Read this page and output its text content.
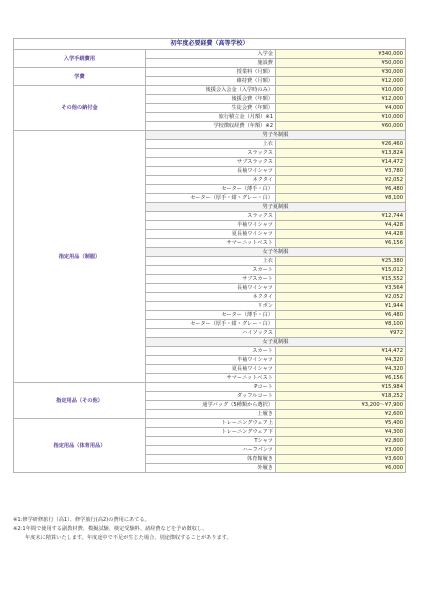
初年度必要経費（高等学校）		
入学手続費用	入学金	¥340,000
	施設費	¥50,000
学費	授業料（月額）	¥30,000
	維持費（月額）	¥12,000
その他の納付金	後援会入会金（入学時のみ）	¥10,000
	後援会費（年額）	¥12,000
	生徒会費（年額）	¥4,000
	旅行積立金（月額）※1	¥10,000
	学校徴収経費（年額）※2	¥60,000
指定用品（制服）	男子冬制服	
	上衣	¥26,460
	スラックス	¥13,824
	サブスラックス	¥14,472
	長袖ワイシャツ	¥3,780
	ネクタイ	¥2,052
	セーター（薄手・白）	¥6,480
	セーター（厚手・紺・グレー・白）	¥8,100
	男子夏制服	
	スラックス	¥12,744
	半袖ワイシャツ	¥4,428
	夏長袖ワイシャツ	¥4,428
	サマーニットベスト	¥6,156
	女子冬制服	
	上衣	¥25,380
	スカート	¥15,012
	サブスカート	¥15,552
	長袖ワイシャツ	¥3,564
	ネクタイ	¥2,052
	リボン	¥1,944
	セーター（薄手・白）	¥6,480
	セーター（厚手・紺・グレー・白）	¥8,100
	ハイソックス	¥972
	女子夏制服	
	スカート	¥14,472
	半袖ワイシャツ	¥4,320
	夏長袖ワイシャツ	¥4,320
	サマーニットベスト	¥6,156
指定用品（その他）	Pコート	¥15,984
	ダッフルコート	¥18,252
	通学バッグ（5種類から選択）	¥3,200～¥7,900
	上履き	¥2,600
指定用品（体育用品）	トレーニングウェア上	¥5,400
	トレーニングウェア下	¥4,300
	Tシャツ	¥2,800
	ハーフパンツ	¥3,000
	体育館履き	¥3,600
	外履き	¥6,000

※1:修学研修旅行（高1）、修学旅行(高2)の費用にあてる。

※2:1年間で使用する副教材費、模擬試験、検定受験料、諸経費などを予め徴収し、

年度末に精算いたします。年度途中で不足が生じた場合、別途徴収することがあります。
